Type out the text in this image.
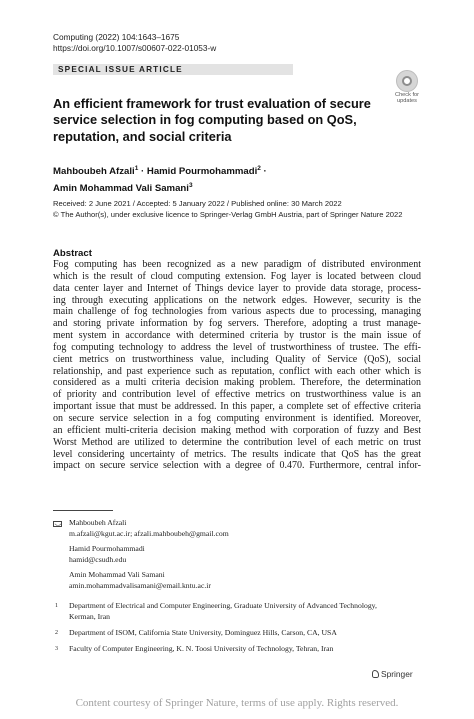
Computing (2022) 104:1643–1675
https://doi.org/10.1007/s00607-022-01053-w
SPECIAL ISSUE ARTICLE
Check for
updates
An efficient framework for trust evaluation of secure service selection in fog computing based on QoS, reputation, and social criteria
Mahboubeh Afzali$^1$ · Hamid Pourmohammadi$^2$ ·
Amin Mohammad Vali Samani$^3$
Received: 2 June 2021 / Accepted: 5 January 2022 / Published online: 30 March 2022
© The Author(s), under exclusive licence to Springer-Verlag GmbH Austria, part of Springer Nature 2022
Abstract
Fog computing has been recognized as a new paradigm of distributed environment
which is the result of cloud computing extension. Fog layer is located between cloud
data center layer and Internet of Things device layer to provide data storage, process-
ing through executing applications on the network edges. However, security is the
main challenge of fog technologies from various aspects due to processing, managing
and storing private information by fog servers. Therefore, adopting a trust manage-
ment system in accordance with determined criteria by trustor is the main issue of
fog computing technology to address the level of trustworthiness of trustee. The effi-
cient metrics on trustworthiness value, including Quality of Service (QoS), social
relationship, and past experience such as reputation, conflict with each other which is
considered as a multi criteria decision making problem. Therefore, the determination
of priority and contribution level of effective metrics on trustworthiness value is an
important issue that must be addressed. In this paper, a complete set of effective criteria
on secure service selection in a fog computing environment is identified. Moreover,
an efficient multi-criteria decision making method with corporation of fuzzy and Best
Worst Method are utilized to determine the contribution level of each metric on trust
level considering uncertainty of metrics. The results indicate that QoS has the great
impact on secure service selection with a degree of 0.470. Furthermore, central infor-
Mahboubeh Afzali
m.afzali@kgut.ac.ir; afzali.mahboubeh@gmail.com
Hamid Pourmohammadi
hamid@csudh.edu
Amin Mohammad Vali Samani
amin.mohammadvalisamani@email.kntu.ac.ir
1 Department of Electrical and Computer Engineering, Graduate University of Advanced Technology, Kerman, Iran
2 Department of ISOM, California State University, Dominguez Hills, Carson, CA, USA
3 Faculty of Computer Engineering, K. N. Toosi University of Technology, Tehran, Iran
Springer
Content courtesy of Springer Nature, terms of use apply. Rights reserved.
